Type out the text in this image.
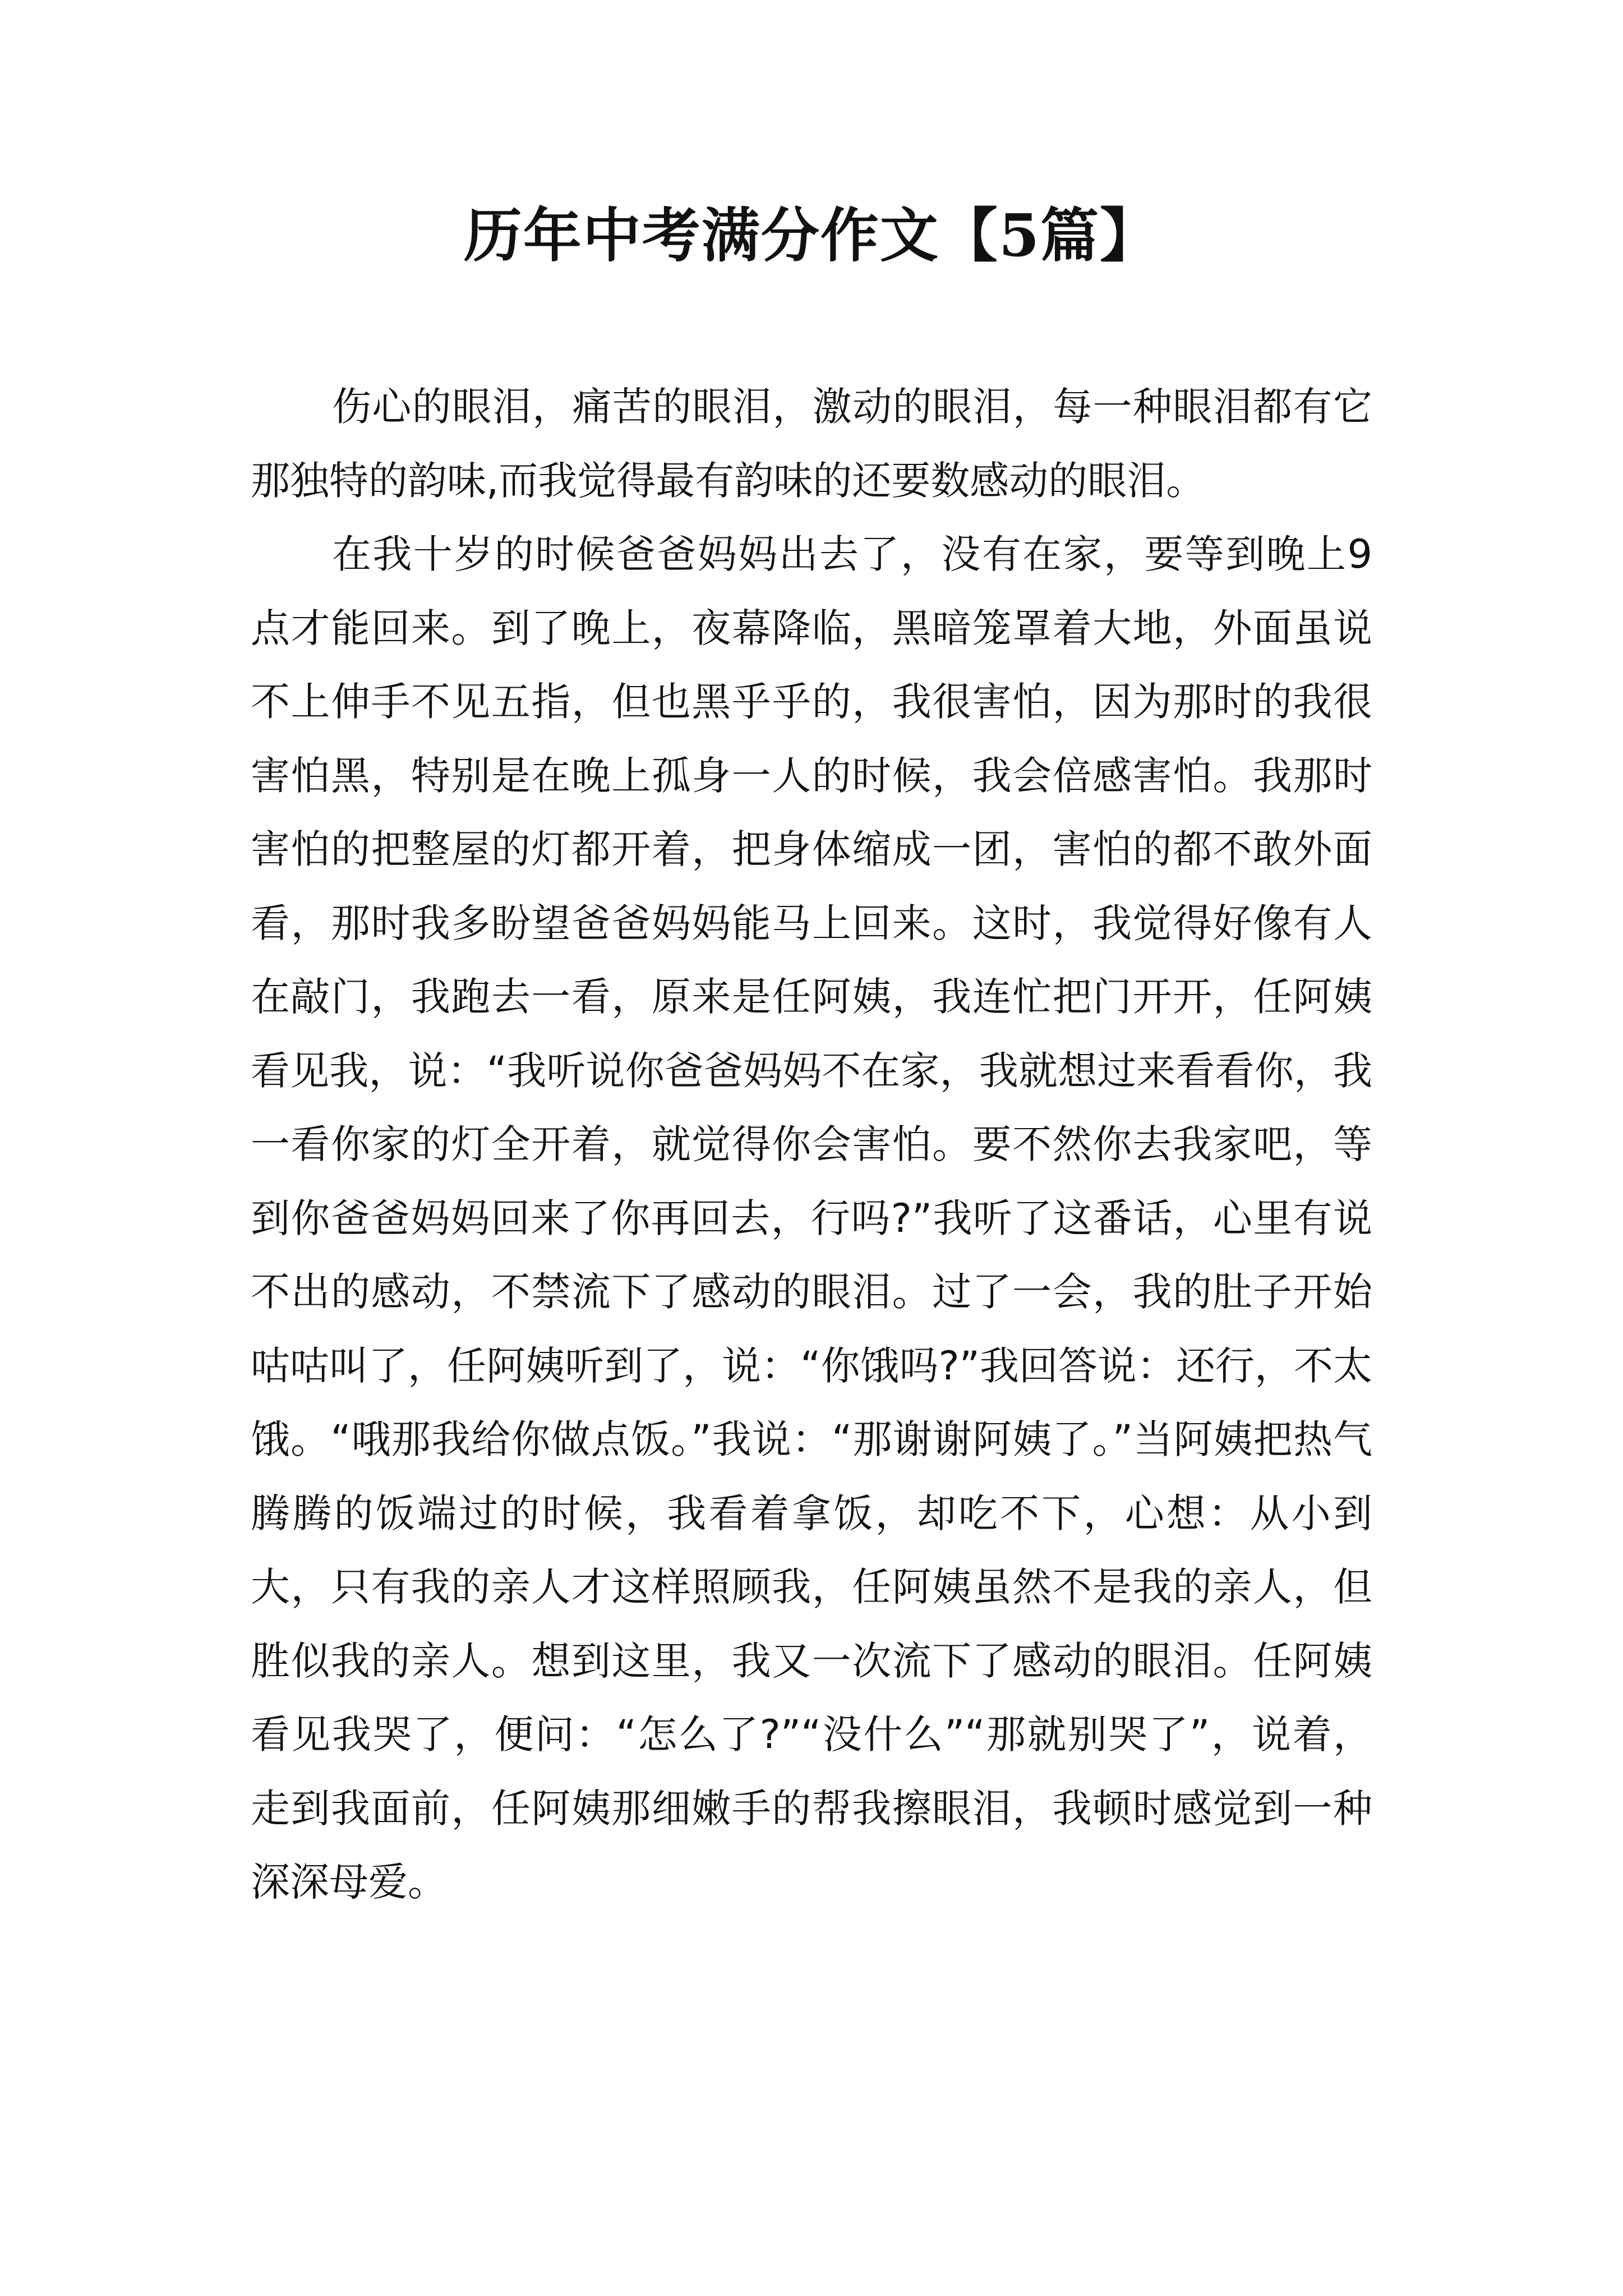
历年中考满分作文【5篇】

伤心的眼泪，痛苦的眼泪，激动的眼泪，每一种眼泪都有它那独特的韵味,而我觉得最有韵味的还要数感动的眼泪。

在我十岁的时候爸爸妈妈出去了，没有在家，要等到晚上9点才能回来。到了晚上，夜幕降临，黑暗笼罩着大地，外面虽说不上伸手不见五指，但也黑乎乎的，我很害怕，因为那时的我很害怕黑，特别是在晚上孤身一人的时候，我会倍感害怕。我那时害怕的把整屋的灯都开着，把身体缩成一团，害怕的都不敢外面看，那时我多盼望爸爸妈妈能马上回来。这时，我觉得好像有人在敲门，我跑去一看，原来是任阿姨，我连忙把门开开，任阿姨看见我，说：“我听说你爸爸妈妈不在家，我就想过来看看你，我一看你家的灯全开着，就觉得你会害怕。要不然你去我家吧，等到你爸爸妈妈回来了你再回去，行吗?”我听了这番话，心里有说不出的感动，不禁流下了感动的眼泪。过了一会，我的肚子开始咕咕叫了，任阿姨听到了，说：“你饿吗?”我回答说：还行，不太饿。“哦那我给你做点饭。”我说：“那谢谢阿姨了。”当阿姨把热气腾腾的饭端过的时候，我看着拿饭，却吃不下，心想：从小到大，只有我的亲人才这样照顾我，任阿姨虽然不是我的亲人，但胜似我的亲人。想到这里，我又一次流下了感动的眼泪。任阿姨看见我哭了，便问：“怎么了?”“没什么”“那就别哭了”，说着，走到我面前，任阿姨那细嫩手的帮我擦眼泪，我顿时感觉到一种深深母爱。
